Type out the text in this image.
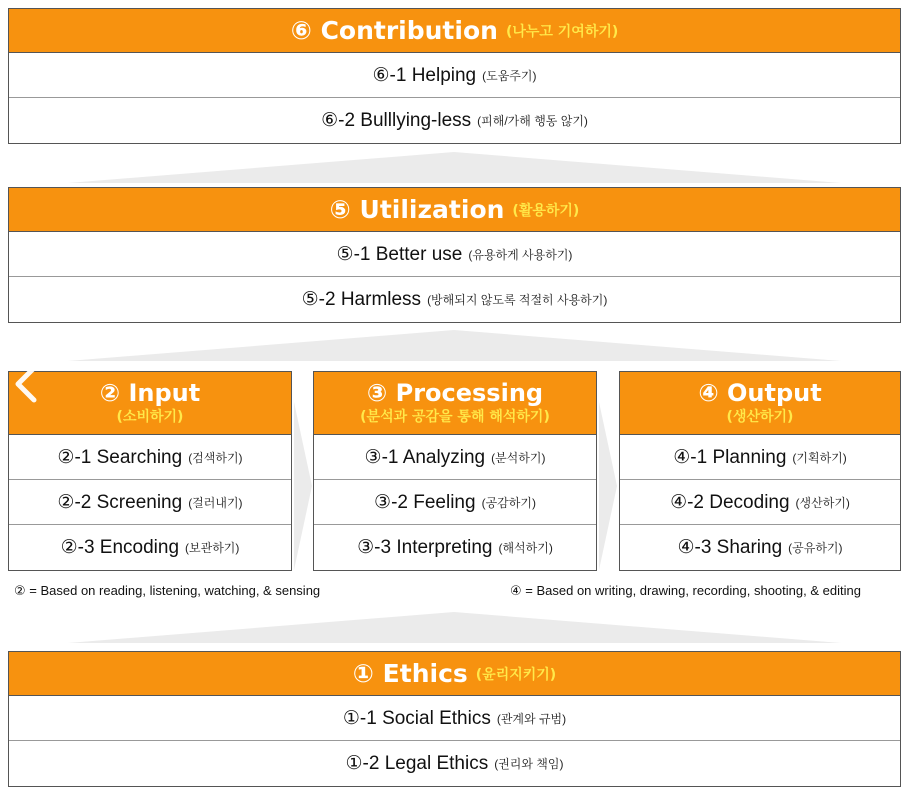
⑥ Contribution (나누고 기여하기)
⑥-1 Helping (도움주기)
⑥-2 Bulllying-less (피해/가해 행동 않기)
⑤ Utilization (활용하기)
⑤-1 Better use (유용하게 사용하기)
⑤-2 Harmless (방해되지 않도록 적절히 사용하기)
② Input
(소비하기)
②-1 Searching (검색하기)
②-2 Screening (걸러내기)
②-3 Encoding (보관하기)
③ Processing
(분석과 공감을 통해 해석하기)
③-1 Analyzing (분석하기)
③-2 Feeling (공감하기)
③-3 Interpreting (해석하기)
④ Output
(생산하기)
④-1 Planning (기획하기)
④-2 Decoding (생산하기)
④-3 Sharing (공유하기)
② = Based on reading, listening, watching, & sensing	④ = Based on writing, drawing, recording, shooting, & editing
① Ethics (윤리지키기)
①-1 Social Ethics (관계와 규범)
①-2 Legal Ethics (권리와 책임)
